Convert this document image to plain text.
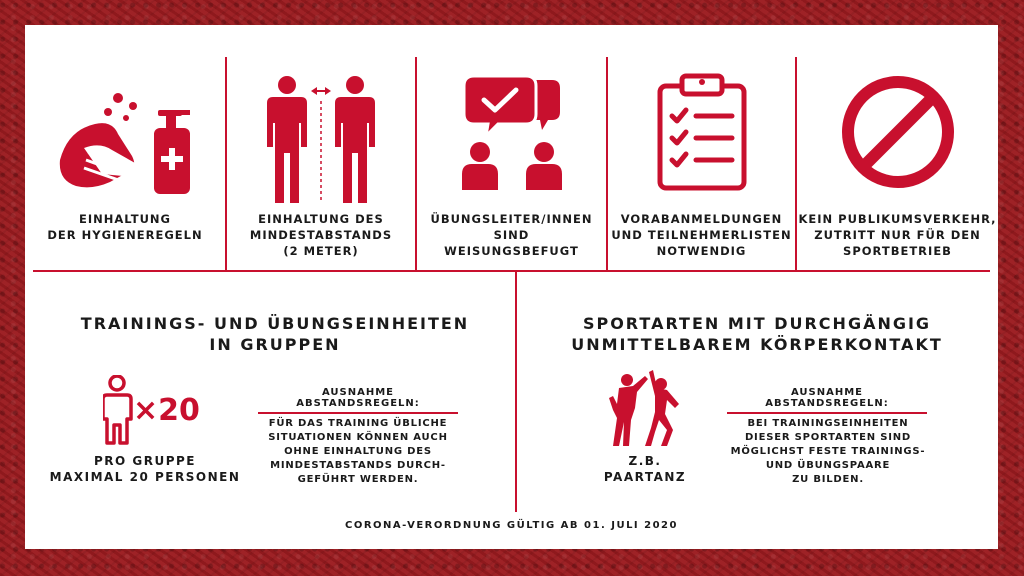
EINHALTUNG
DER HYGIENEREGELN
EINHALTUNG DES
MINDESTABSTANDS
(2 METER)
ÜBUNGSLEITER/INNEN
SIND
WEISUNGSBEFUGT
VORABANMELDUNGEN
UND TEILNEHMERLISTEN
NOTWENDIG
KEIN PUBLIKUMSVERKEHR,
ZUTRITT NUR FÜR DEN
SPORTBETRIEB
TRAININGS- UND ÜBUNGSEINHEITEN
IN GRUPPEN
×20
PRO GRUPPE
MAXIMAL 20 PERSONEN
AUSNAHME ABSTANDSREGELN:
FÜR DAS TRAINING ÜBLICHE
SITUATIONEN KÖNNEN AUCH
OHNE EINHALTUNG DES
MINDESTABSTANDS DURCH-
GEFÜHRT WERDEN.
SPORTARTEN MIT DURCHGÄNGIG
UNMITTELBAREM KÖRPERKONTAKT
Z.B.
PAARTANZ
AUSNAHME ABSTANDSREGELN:
BEI TRAININGSEINHEITEN
DIESER SPORTARTEN SIND
MÖGLICHST FESTE TRAININGS-
UND ÜBUNGSPAARE
ZU BILDEN.
CORONA-VERORDNUNG GÜLTIG AB 01. JULI 2020
